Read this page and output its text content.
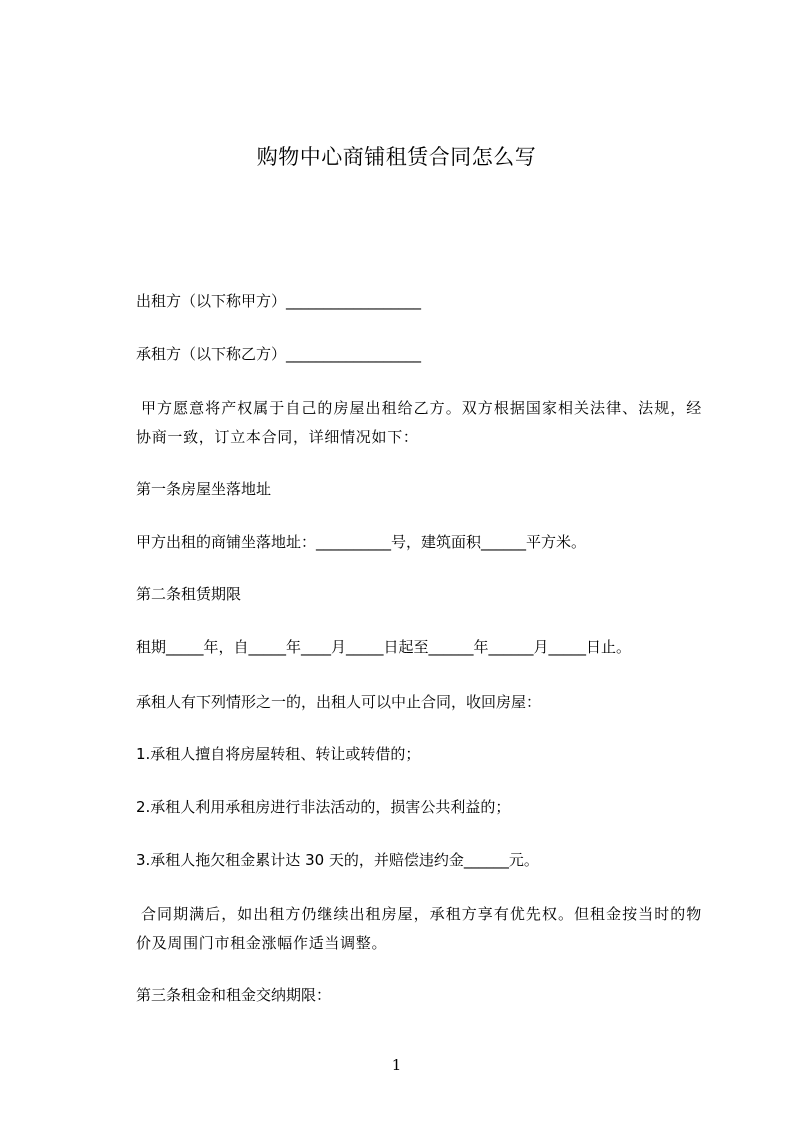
购物中心商铺租赁合同怎么写
出租方（以下称甲方）__________________
承租方（以下称乙方）__________________
甲方愿意将产权属于自己的房屋出租给乙方。双方根据国家相关法律、法规，经协商一致，订立本合同，详细情况如下：
第一条房屋坐落地址
甲方出租的商铺坐落地址：__________号，建筑面积______平方米。
第二条租赁期限
租期_____年，自_____年____月_____日起至______年______月_____日止。
承租人有下列情形之一的，出租人可以中止合同，收回房屋：
1.承租人擅自将房屋转租、转让或转借的；
2.承租人利用承租房进行非法活动的，损害公共利益的；
3.承租人拖欠租金累计达 30 天的，并赔偿违约金______元。
合同期满后，如出租方仍继续出租房屋，承租方享有优先权。但租金按当时的物价及周围门市租金涨幅作适当调整。
第三条租金和租金交纳期限：
1
